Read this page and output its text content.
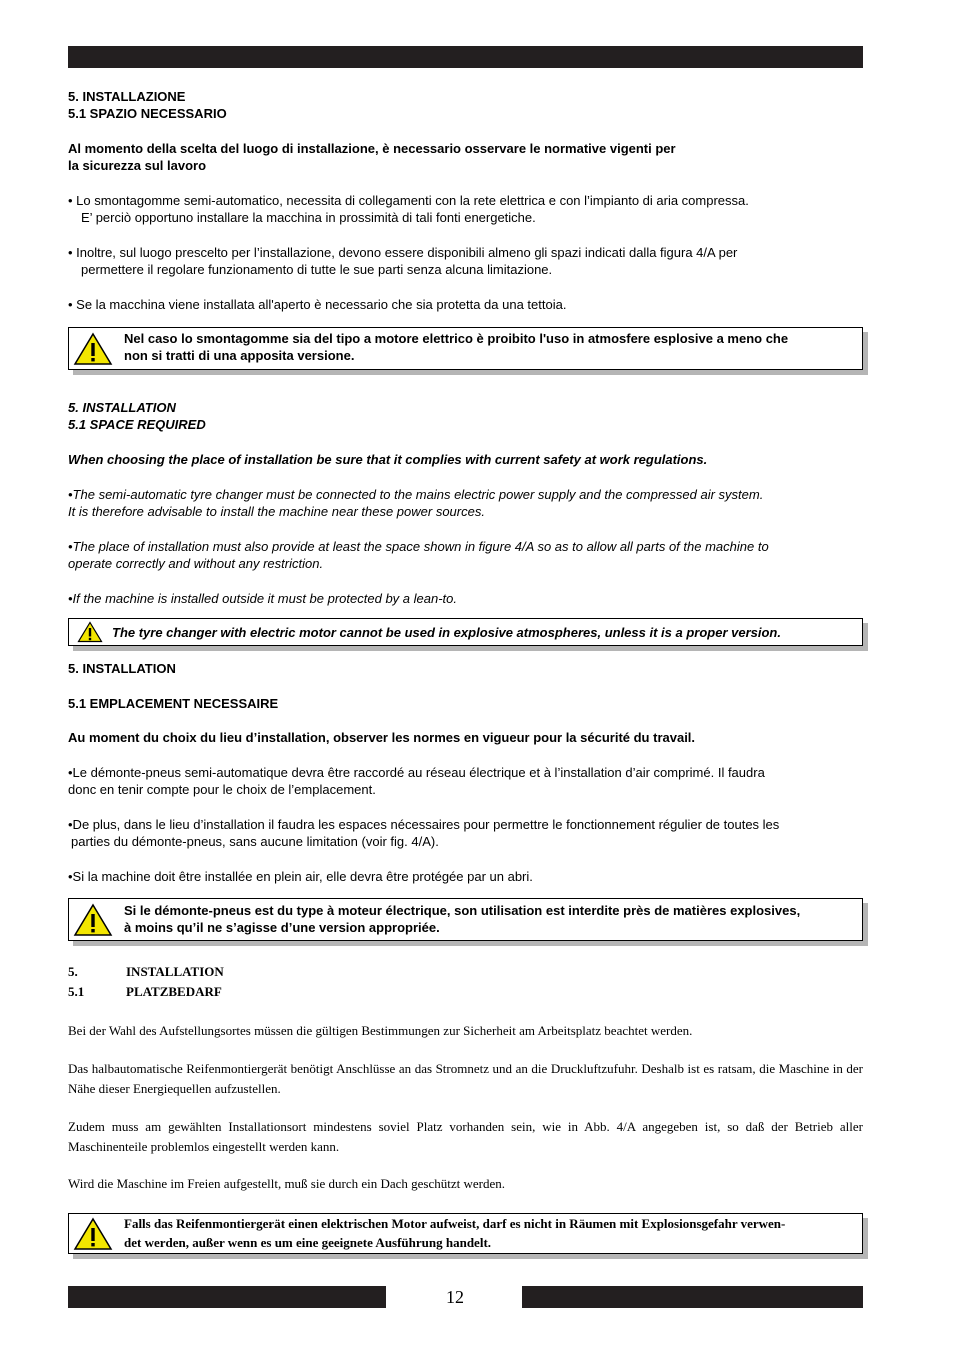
5. INSTALLAZIONE

5.1 SPAZIO NECESSARIO

Al momento della scelta del luogo di installazione, è necessario osservare le normative vigenti per

la sicurezza sul lavoro

• Lo smontagomme semi-automatico, necessita di collegamenti con la rete elettrica e con l’impianto di aria compressa.

E’ perciò opportuno installare la macchina in prossimità di tali fonti energetiche.

• Inoltre, sul luogo prescelto per l’installazione, devono essere disponibili almeno gli spazi indicati dalla figura 4/A per

permettere il regolare funzionamento di tutte le sue parti senza alcuna limitazione.

• Se la macchina viene installata all'aperto è necessario che sia protetta da una tettoia.

Nel caso lo smontagomme sia del tipo a motore elettrico è proibito l'uso in atmosfere esplosive a meno che

non si tratti di una apposita versione.

5. INSTALLATION

5.1 SPACE REQUIRED

When choosing the place of installation be sure that it complies with current safety at work regulations.

•The semi-automatic tyre changer must be connected to the mains electric power supply and the compressed air system.

It is therefore advisable to install the machine near these power sources.

•The place of installation must also provide at least the space shown in figure 4/A so as to allow all parts of the machine to

operate correctly and without any restriction.

•If the machine is installed outside it must be protected by a lean-to.

The tyre changer with electric motor cannot be used in explosive atmospheres, unless it is a proper version.

5. INSTALLATION

5.1 EMPLACEMENT NECESSAIRE

Au moment du choix du lieu d’installation, observer les normes en vigueur pour la sécurité du travail.

•Le démonte-pneus semi-automatique devra être raccordé au réseau électrique et à l’installation d’air comprimé. Il faudra

donc en tenir compte pour le choix de l’emplacement.

•De plus, dans le lieu d’installation il faudra les espaces nécessaires pour permettre le fonctionnement régulier de toutes les

parties du démonte-pneus, sans aucune limitation (voir fig. 4/A).

•Si la machine doit être installée en plein air, elle devra être protégée par un abri.

Si le démonte-pneus est du type à moteur électrique, son utilisation est interdite près de matières explosives,

à moins qu’il ne s’agisse d’une version appropriée.

5.	INSTALLATION

5.1	PLATZBEDARF

Bei der Wahl des Aufstellungsortes müssen die gültigen Bestimmungen zur Sicherheit am Arbeitsplatz beachtet werden.

Das halbautomatische Reifenmontiergerät benötigt Anschlüsse an das Stromnetz und an die Druckluftzufuhr. Deshalb ist es ratsam, die Maschine in der Nähe dieser Energiequellen aufzustellen.

Zudem muss am gewählten Installationsort mindestens soviel Platz vorhanden sein, wie in Abb. 4/A angegeben ist, so daß der Betrieb aller Maschinenteile problemlos eingestellt werden kann.

Wird die Maschine im Freien aufgestellt, muß sie durch ein Dach geschützt werden.

Falls das Reifenmontiergerät einen elektrischen Motor aufweist, darf es nicht in Räumen mit Explosionsgefahr verwen-

det werden, außer wenn es um eine geeignete Ausführung handelt.

12
